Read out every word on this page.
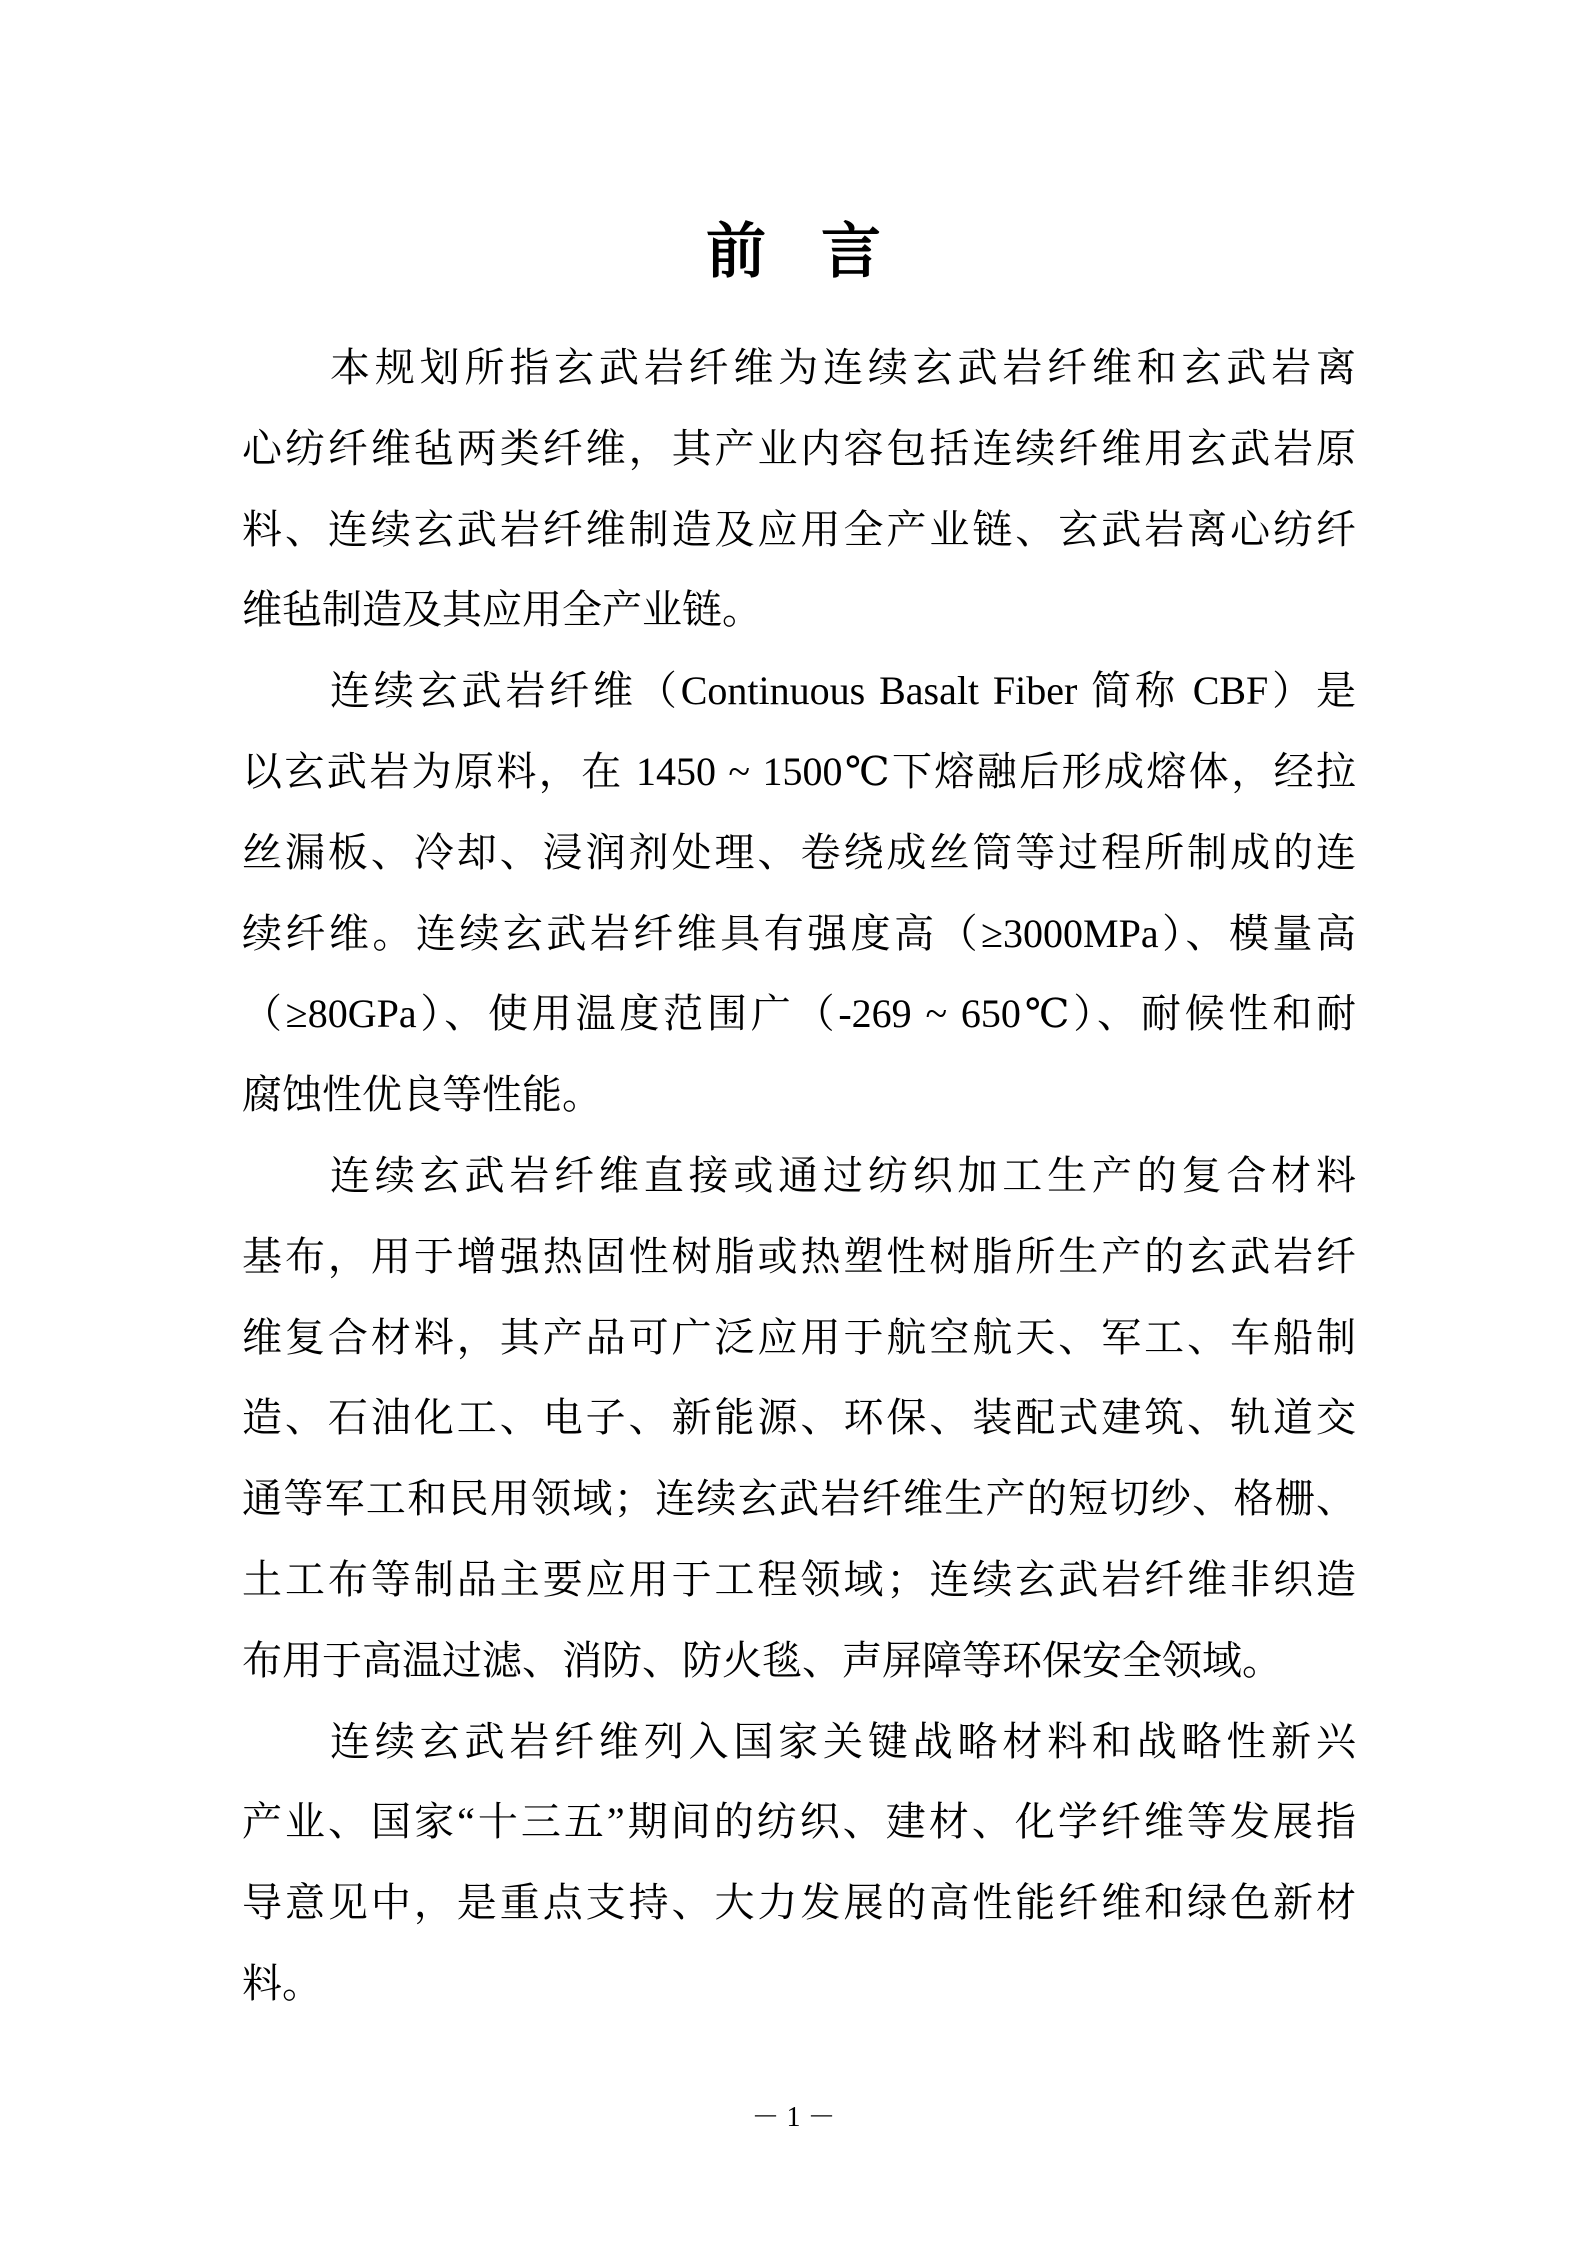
前 言
本规划所指玄武岩纤维为连续玄武岩纤维和玄武岩离
心纺纤维毡两类纤维，其产业内容包括连续纤维用玄武岩原
料、连续玄武岩纤维制造及应用全产业链、玄武岩离心纺纤
维毡制造及其应用全产业链。
连续玄武岩纤维（Continuous Basalt Fiber 简称 CBF）是
以玄武岩为原料，在 1450 ~ 1500℃下熔融后形成熔体，经拉
丝漏板、冷却、浸润剂处理、卷绕成丝筒等过程所制成的连
续纤维。连续玄武岩纤维具有强度高（≥3000MPa）、模量高
（≥80GPa）、使用温度范围广（-269 ~ 650℃）、耐候性和耐
腐蚀性优良等性能。
连续玄武岩纤维直接或通过纺织加工生产的复合材料
基布，用于增强热固性树脂或热塑性树脂所生产的玄武岩纤
维复合材料，其产品可广泛应用于航空航天、军工、车船制
造、石油化工、电子、新能源、环保、装配式建筑、轨道交
通等军工和民用领域；连续玄武岩纤维生产的短切纱、格栅、
土工布等制品主要应用于工程领域；连续玄武岩纤维非织造
布用于高温过滤、消防、防火毯、声屏障等环保安全领域。
连续玄武岩纤维列入国家关键战略材料和战略性新兴
产业、国家“十三五”期间的纺织、建材、化学纤维等发展指
导意见中，是重点支持、大力发展的高性能纤维和绿色新材
料。
－ 1 －
